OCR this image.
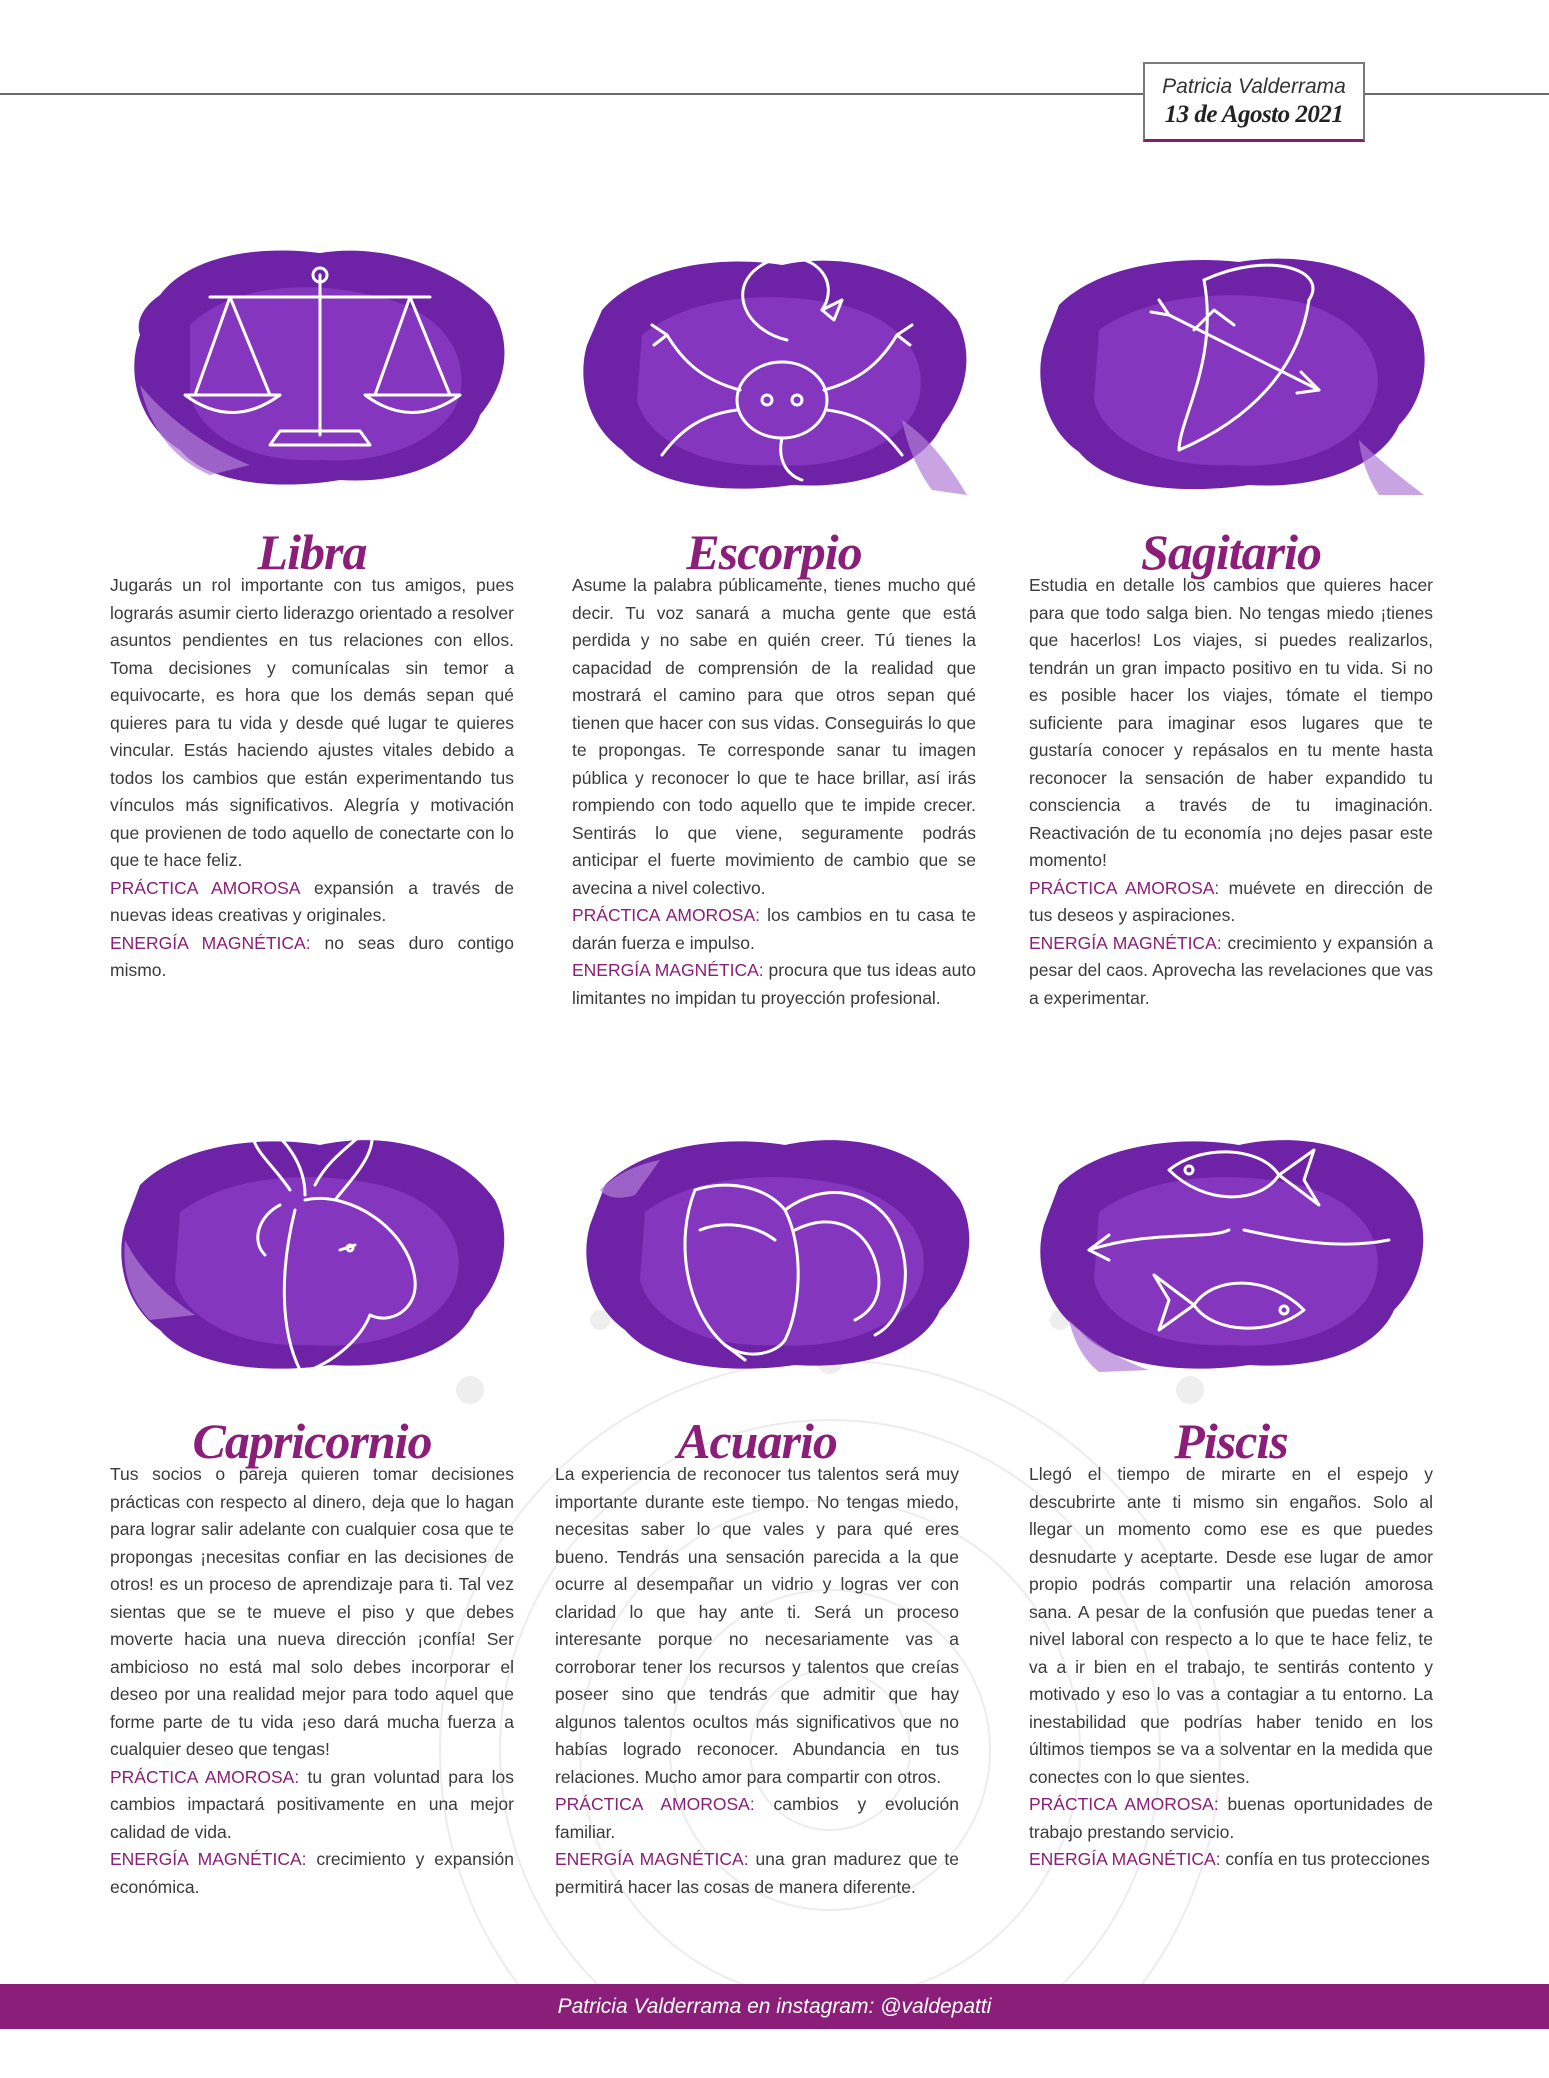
Patricia Valderrama
13 de Agosto 2021
Libra

Jugarás un rol importante con tus amigos, pues lograrás asumir cierto liderazgo orientado a resolver asuntos pendientes en tus relaciones con ellos. Toma decisiones y comunícalas sin temor a equivocarte, es hora que los demás sepan qué quieres para tu vida y desde qué lugar te quieres vincular. Estás haciendo ajustes vitales debido a todos los cambios que están experimentando tus vínculos más significativos. Alegría y motivación que provienen de todo aquello de conectarte con lo que te hace feliz.
PRÁCTICA AMOROSA expansión a través de nuevas ideas creativas y originales.
ENERGÍA MAGNÉTICA: no seas duro contigo mismo.

Escorpio

Asume la palabra públicamente, tienes mucho qué decir. Tu voz sanará a mucha gente que está perdida y no sabe en quién creer. Tú tienes la capacidad de comprensión de la realidad que mostrará el camino para que otros sepan qué tienen que hacer con sus vidas. Conseguirás lo que te propongas. Te corresponde sanar tu imagen pública y reconocer lo que te hace brillar, así irás rompiendo con todo aquello que te impide crecer. Sentirás lo que viene, seguramente podrás anticipar el fuerte movimiento de cambio que se avecina a nivel colectivo.
PRÁCTICA AMOROSA: los cambios en tu casa te darán fuerza e impulso.
ENERGÍA MAGNÉTICA: procura que tus ideas auto limitantes no impidan tu proyección profesional.

Sagitario

Estudia en detalle los cambios que quieres hacer para que todo salga bien. No tengas miedo ¡tienes que hacerlos! Los viajes, si puedes realizarlos, tendrán un gran impacto positivo en tu vida. Si no es posible hacer los viajes, tómate el tiempo suficiente para imaginar esos lugares que te gustaría conocer y repásalos en tu mente hasta reconocer la sensación de haber expandido tu consciencia a través de tu imaginación. Reactivación de tu economía ¡no dejes pasar este momento!
PRÁCTICA AMOROSA: muévete en dirección de tus deseos y aspiraciones.
ENERGÍA MAGNÉTICA: crecimiento y expansión a pesar del caos. Aprovecha las revelaciones que vas a experimentar.

Capricornio

Tus socios o pareja quieren tomar decisiones prácticas con respecto al dinero, deja que lo hagan para lograr salir adelante con cualquier cosa que te propongas ¡necesitas confiar en las decisiones de otros! es un proceso de aprendizaje para ti. Tal vez sientas que se te mueve el piso y que debes moverte hacia una nueva dirección ¡confía! Ser ambicioso no está mal solo debes incorporar el deseo por una realidad mejor para todo aquel que forme parte de tu vida ¡eso dará mucha fuerza a cualquier deseo que tengas!
PRÁCTICA AMOROSA: tu gran voluntad para los cambios impactará positivamente en una mejor calidad de vida.
ENERGÍA MAGNÉTICA: crecimiento y expansión económica.

Acuario

La experiencia de reconocer tus talentos será muy importante durante este tiempo. No tengas miedo, necesitas saber lo que vales y para qué eres bueno. Tendrás una sensación parecida a la que ocurre al desempañar un vidrio y logras ver con claridad lo que hay ante ti. Será un proceso interesante porque no necesariamente vas a corroborar tener los recursos y talentos que creías poseer sino que tendrás que admitir que hay algunos talentos ocultos más significativos que no habías logrado reconocer. Abundancia en tus relaciones. Mucho amor para compartir con otros.
PRÁCTICA AMOROSA: cambios y evolución familiar.
ENERGÍA MAGNÉTICA: una gran madurez que te permitirá hacer las cosas de manera diferente.

Piscis

Llegó el tiempo de mirarte en el espejo y descubrirte ante ti mismo sin engaños. Solo al llegar un momento como ese es que puedes desnudarte y aceptarte. Desde ese lugar de amor propio podrás compartir una relación amorosa sana. A pesar de la confusión que puedas tener a nivel laboral con respecto a lo que te hace feliz, te va a ir bien en el trabajo, te sentirás contento y motivado y eso lo vas a contagiar a tu entorno. La inestabilidad que podrías haber tenido en los últimos tiempos se va a solventar en la medida que conectes con lo que sientes.
PRÁCTICA AMOROSA: buenas oportunidades de trabajo prestando servicio.
ENERGÍA MAGNÉTICA: confía en tus protecciones

Patricia Valderrama en instagram: @valdepatti
